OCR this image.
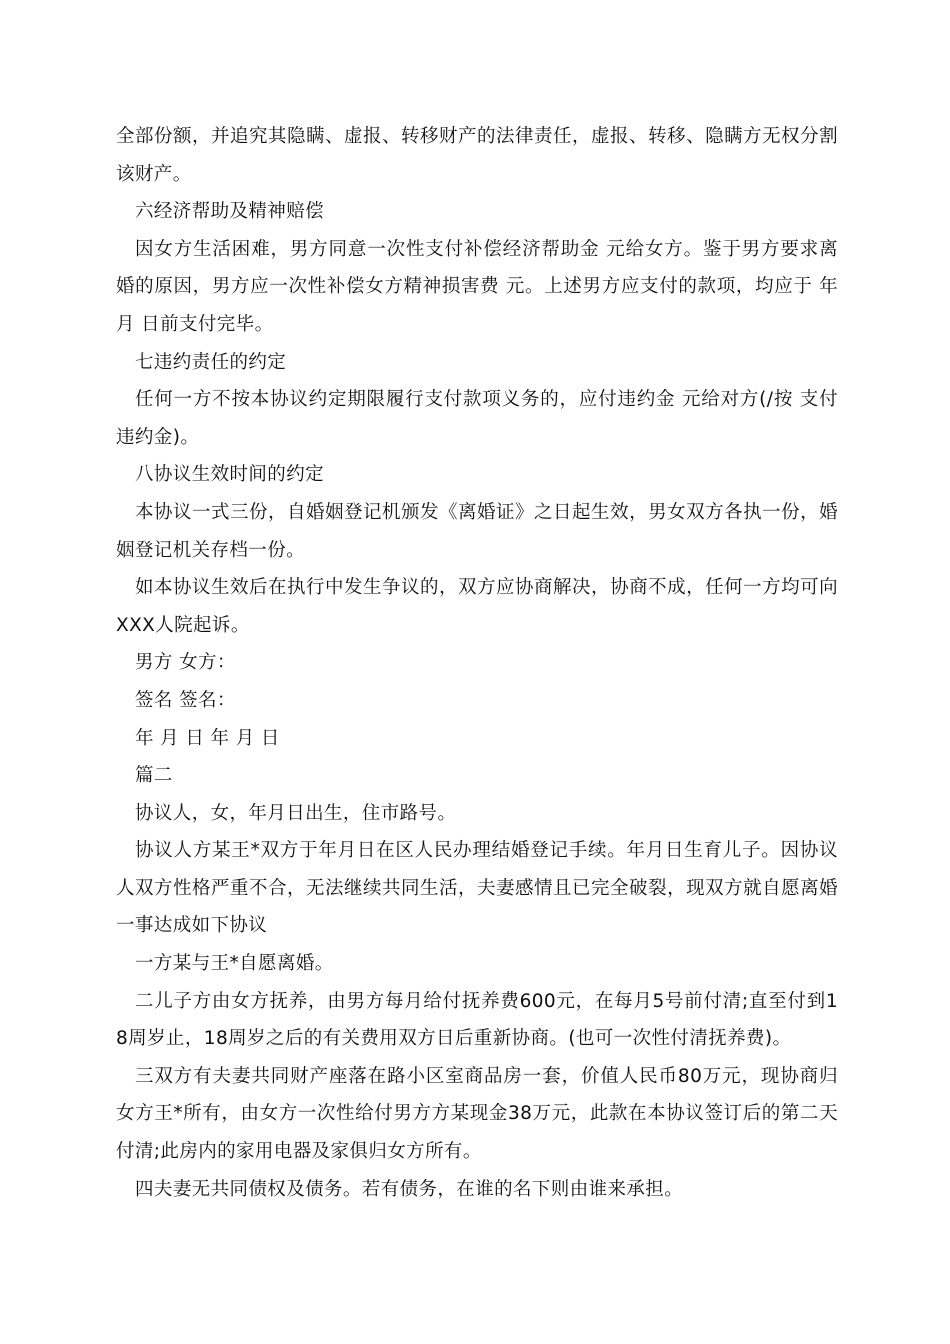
全部份额，并追究其隐瞒、虚报、转移财产的法律责任，虚报、转移、隐瞒方无权分割该财产。

六经济帮助及精神赔偿

因女方生活困难，男方同意一次性支付补偿经济帮助金 元给女方。鉴于男方要求离婚的原因，男方应一次性补偿女方精神损害费 元。上述男方应支付的款项，均应于 年 月 日前支付完毕。

七违约责任的约定

任何一方不按本协议约定期限履行支付款项义务的，应付违约金 元给对方(/按 支付违约金)。

八协议生效时间的约定

本协议一式三份，自婚姻登记机颁发《离婚证》之日起生效，男女双方各执一份，婚姻登记机关存档一份。

如本协议生效后在执行中发生争议的，双方应协商解决，协商不成，任何一方均可向XXX人院起诉。

男方 女方：

签名 签名：

年 月 日 年 月 日

篇二

协议人，女，年月日出生，住市路号。

协议人方某王*双方于年月日在区人民办理结婚登记手续。年月日生育儿子。因协议人双方性格严重不合，无法继续共同生活，夫妻感情且已完全破裂，现双方就自愿离婚一事达成如下协议

一方某与王*自愿离婚。

二儿子方由女方抚养，由男方每月给付抚养费600元，在每月5号前付清;直至付到18周岁止，18周岁之后的有关费用双方日后重新协商。(也可一次性付清抚养费)。

三双方有夫妻共同财产座落在路小区室商品房一套，价值人民币80万元，现协商归女方王*所有，由女方一次性给付男方方某现金38万元，此款在本协议签订后的第二天付清;此房内的家用电器及家俱归女方所有。

四夫妻无共同债权及债务。若有债务，在谁的名下则由谁来承担。
